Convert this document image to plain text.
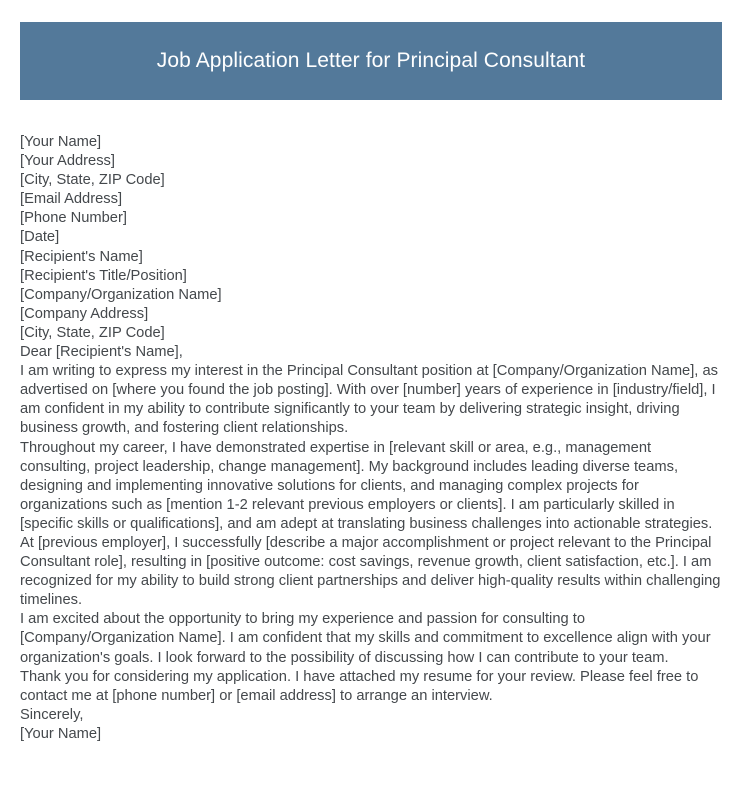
Job Application Letter for Principal Consultant

[Your Name]

[Your Address]

[City, State, ZIP Code]

[Email Address]

[Phone Number]

[Date]

[Recipient's Name]

[Recipient's Title/Position]

[Company/Organization Name]

[Company Address]

[City, State, ZIP Code]

Dear [Recipient's Name],

I am writing to express my interest in the Principal Consultant position at [Company/Organization Name], as advertised on [where you found the job posting]. With over [number] years of experience in [industry/field], I am confident in my ability to contribute significantly to your team by delivering strategic insight, driving business growth, and fostering client relationships.

Throughout my career, I have demonstrated expertise in [relevant skill or area, e.g., management consulting, project leadership, change management]. My background includes leading diverse teams, designing and implementing innovative solutions for clients, and managing complex projects for organizations such as [mention 1-2 relevant previous employers or clients]. I am particularly skilled in [specific skills or qualifications], and am adept at translating business challenges into actionable strategies.

At [previous employer], I successfully [describe a major accomplishment or project relevant to the Principal Consultant role], resulting in [positive outcome: cost savings, revenue growth, client satisfaction, etc.]. I am recognized for my ability to build strong client partnerships and deliver high-quality results within challenging timelines.

I am excited about the opportunity to bring my experience and passion for consulting to [Company/Organization Name]. I am confident that my skills and commitment to excellence align with your organization's goals. I look forward to the possibility of discussing how I can contribute to your team.

Thank you for considering my application. I have attached my resume for your review. Please feel free to contact me at [phone number] or [email address] to arrange an interview.

Sincerely,

[Your Name]
